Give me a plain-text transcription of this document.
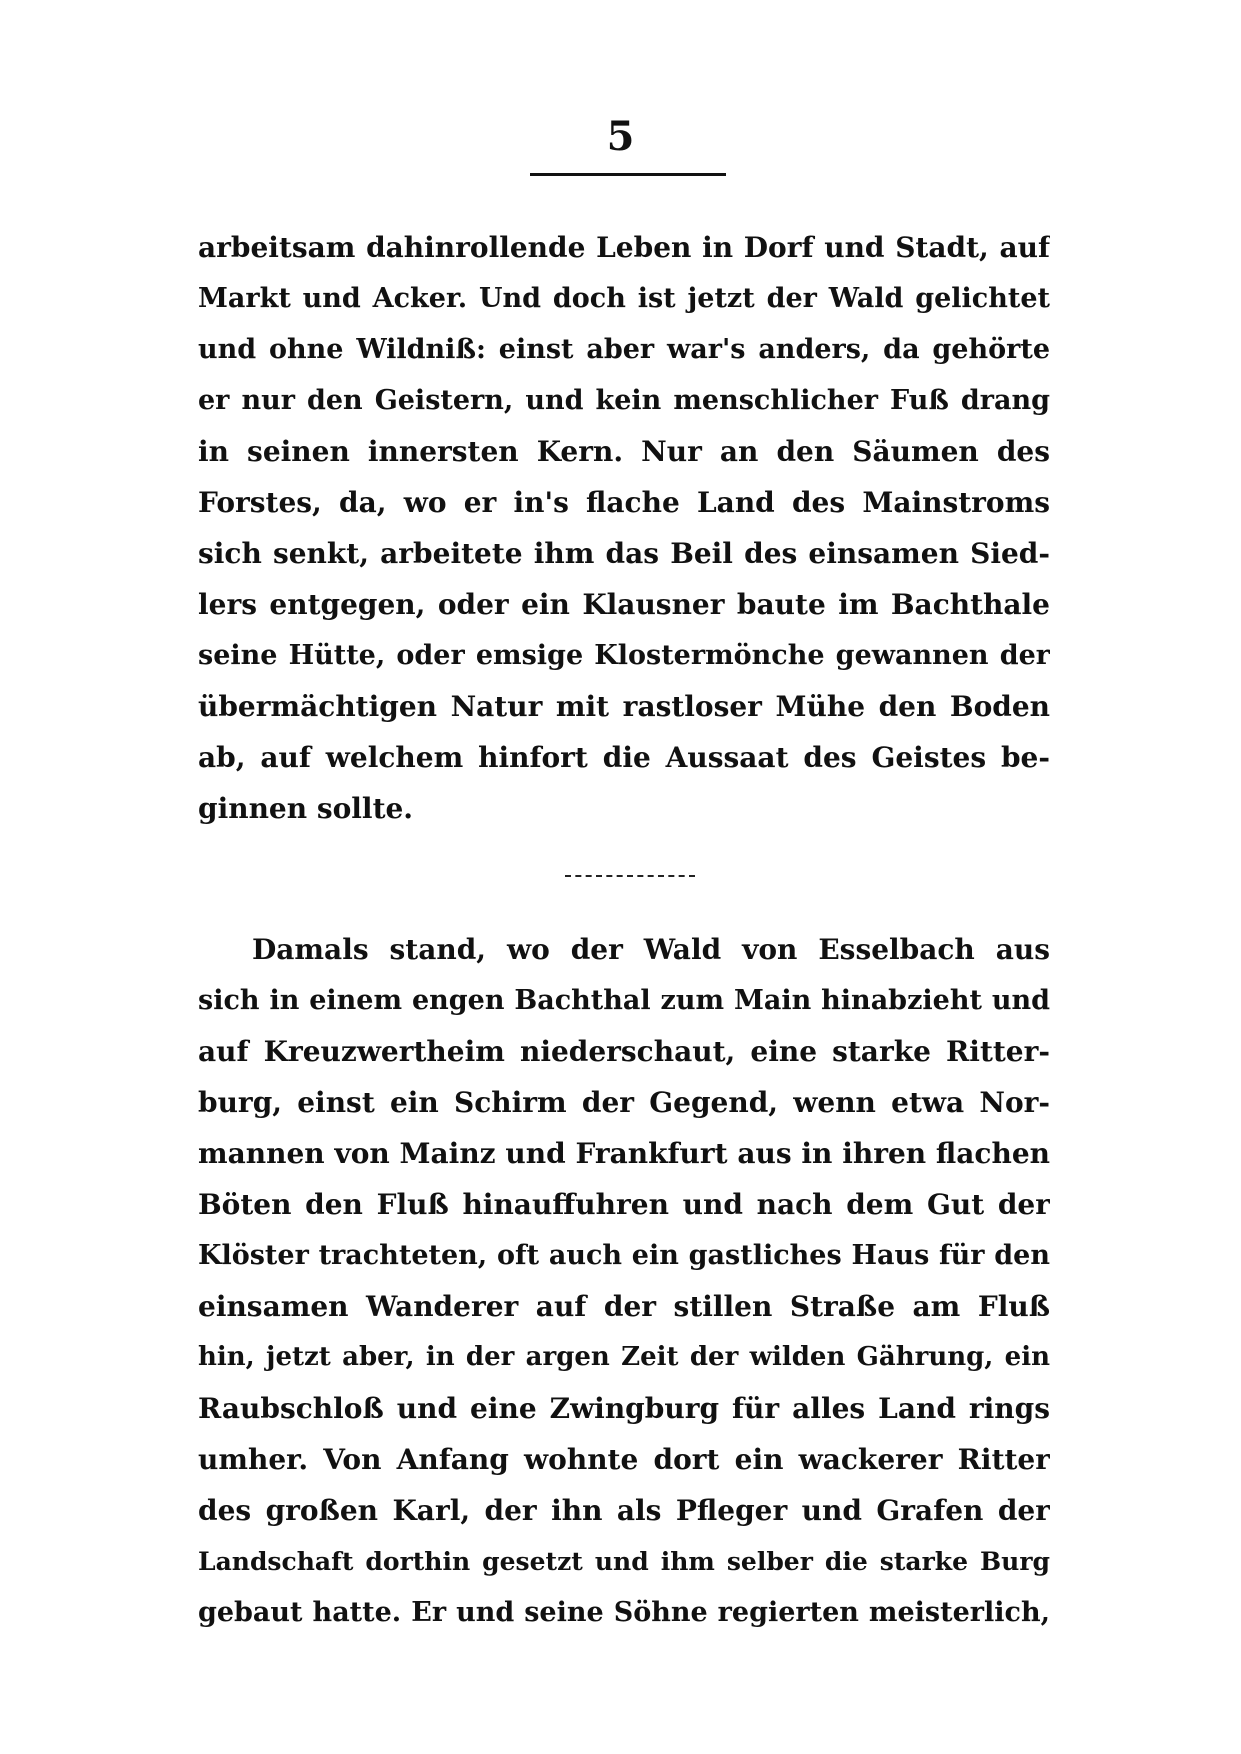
5
arbeitsam dahinrollende Leben in Dorf und Stadt, auf
Markt und Acker. Und doch ist jetzt der Wald gelichtet
und ohne Wildniß: einst aber war's anders, da gehörte
er nur den Geistern, und kein menschlicher Fuß drang
in seinen innersten Kern. Nur an den Säumen des
Forstes, da, wo er in's flache Land des Mainstroms
sich senkt, arbeitete ihm das Beil des einsamen Sied-
lers entgegen, oder ein Klausner baute im Bachthale
seine Hütte, oder emsige Klostermönche gewannen der
übermächtigen Natur mit rastloser Mühe den Boden
ab, auf welchem hinfort die Aussaat des Geistes be-
ginnen sollte.
Damals stand, wo der Wald von Esselbach aus
sich in einem engen Bachthal zum Main hinabzieht und
auf Kreuzwertheim niederschaut, eine starke Ritter-
burg, einst ein Schirm der Gegend, wenn etwa Nor-
mannen von Mainz und Frankfurt aus in ihren flachen
Böten den Fluß hinauffuhren und nach dem Gut der
Klöster trachteten, oft auch ein gastliches Haus für den
einsamen Wanderer auf der stillen Straße am Fluß
hin, jetzt aber, in der argen Zeit der wilden Gährung, ein
Raubschloß und eine Zwingburg für alles Land rings
umher. Von Anfang wohnte dort ein wackerer Ritter
des großen Karl, der ihn als Pfleger und Grafen der
Landschaft dorthin gesetzt und ihm selber die starke Burg
gebaut hatte. Er und seine Söhne regierten meisterlich,
